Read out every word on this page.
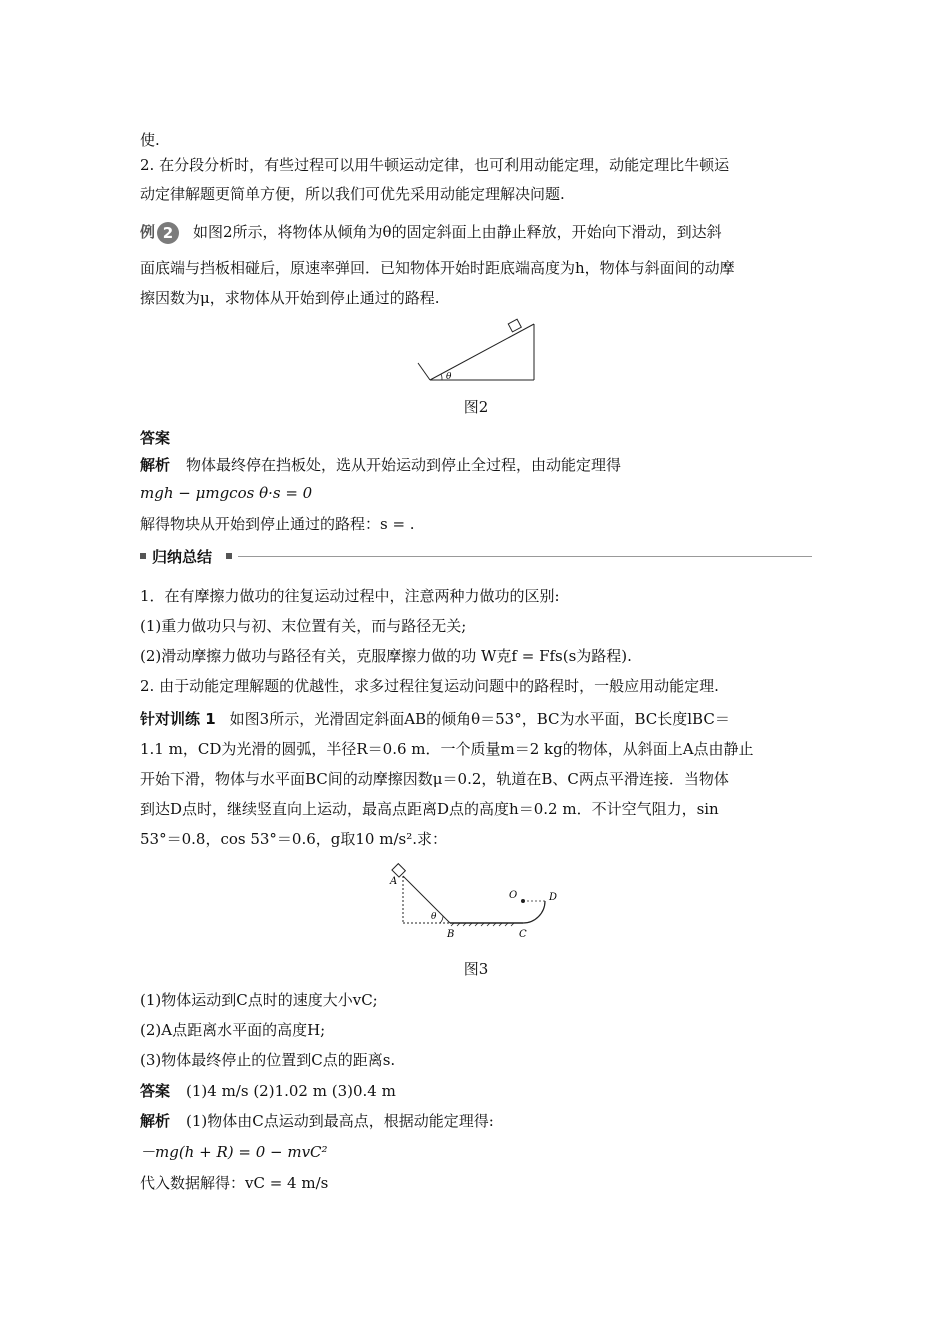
使.
2. 在分段分析时，有些过程可以用牛顿运动定律，也可利用动能定理，动能定理比牛顿运
动定律解题更简单方便，所以我们可优先采用动能定理解决问题.
例 2 如图2所示，将物体从倾角为θ的固定斜面上由静止释放，开始向下滑动，到达斜
面底端与挡板相碰后，原速率弹回．已知物体开始时距底端高度为h，物体与斜面间的动摩
擦因数为μ，求物体从开始到停止通过的路程.
θ
图2
答案
解析 物体最终停在挡板处，选从开始运动到停止全过程，由动能定理得
mgh − μmgcos θ·s = 0
解得物块从开始到停止通过的路程：s = .
归纳总结
1．在有摩擦力做功的往复运动过程中，注意两种力做功的区别:
(1)重力做功只与初、末位置有关，而与路径无关;
(2)滑动摩擦力做功与路径有关，克服摩擦力做的功 W克f = Ffs(s为路程).
2. 由于动能定理解题的优越性，求多过程往复运动问题中的路程时，一般应用动能定理.
针对训练 1 如图3所示，光滑固定斜面AB的倾角θ＝53°，BC为水平面，BC长度lBC＝
1.1 m，CD为光滑的圆弧，半径R＝0.6 m．一个质量m＝2 kg的物体，从斜面上A点由静止
开始下滑，物体与水平面BC间的动摩擦因数μ＝0.2，轨道在B、C两点平滑连接．当物体
到达D点时，继续竖直向上运动，最高点距离D点的高度h＝0.2 m．不计空气阻力，sin
53°＝0.8，cos 53°＝0.6，g取10 m/s².求：
A
B	C
D
O
θ
图3
(1)物体运动到C点时的速度大小vC;
(2)A点距离水平面的高度H;
(3)物体最终停止的位置到C点的距离s.
答案 (1)4 m/s (2)1.02 m (3)0.4 m
解析 (1)物体由C点运动到最高点，根据动能定理得:
－mg(h + R) = 0 − mvC²
代入数据解得：vC = 4 m/s
